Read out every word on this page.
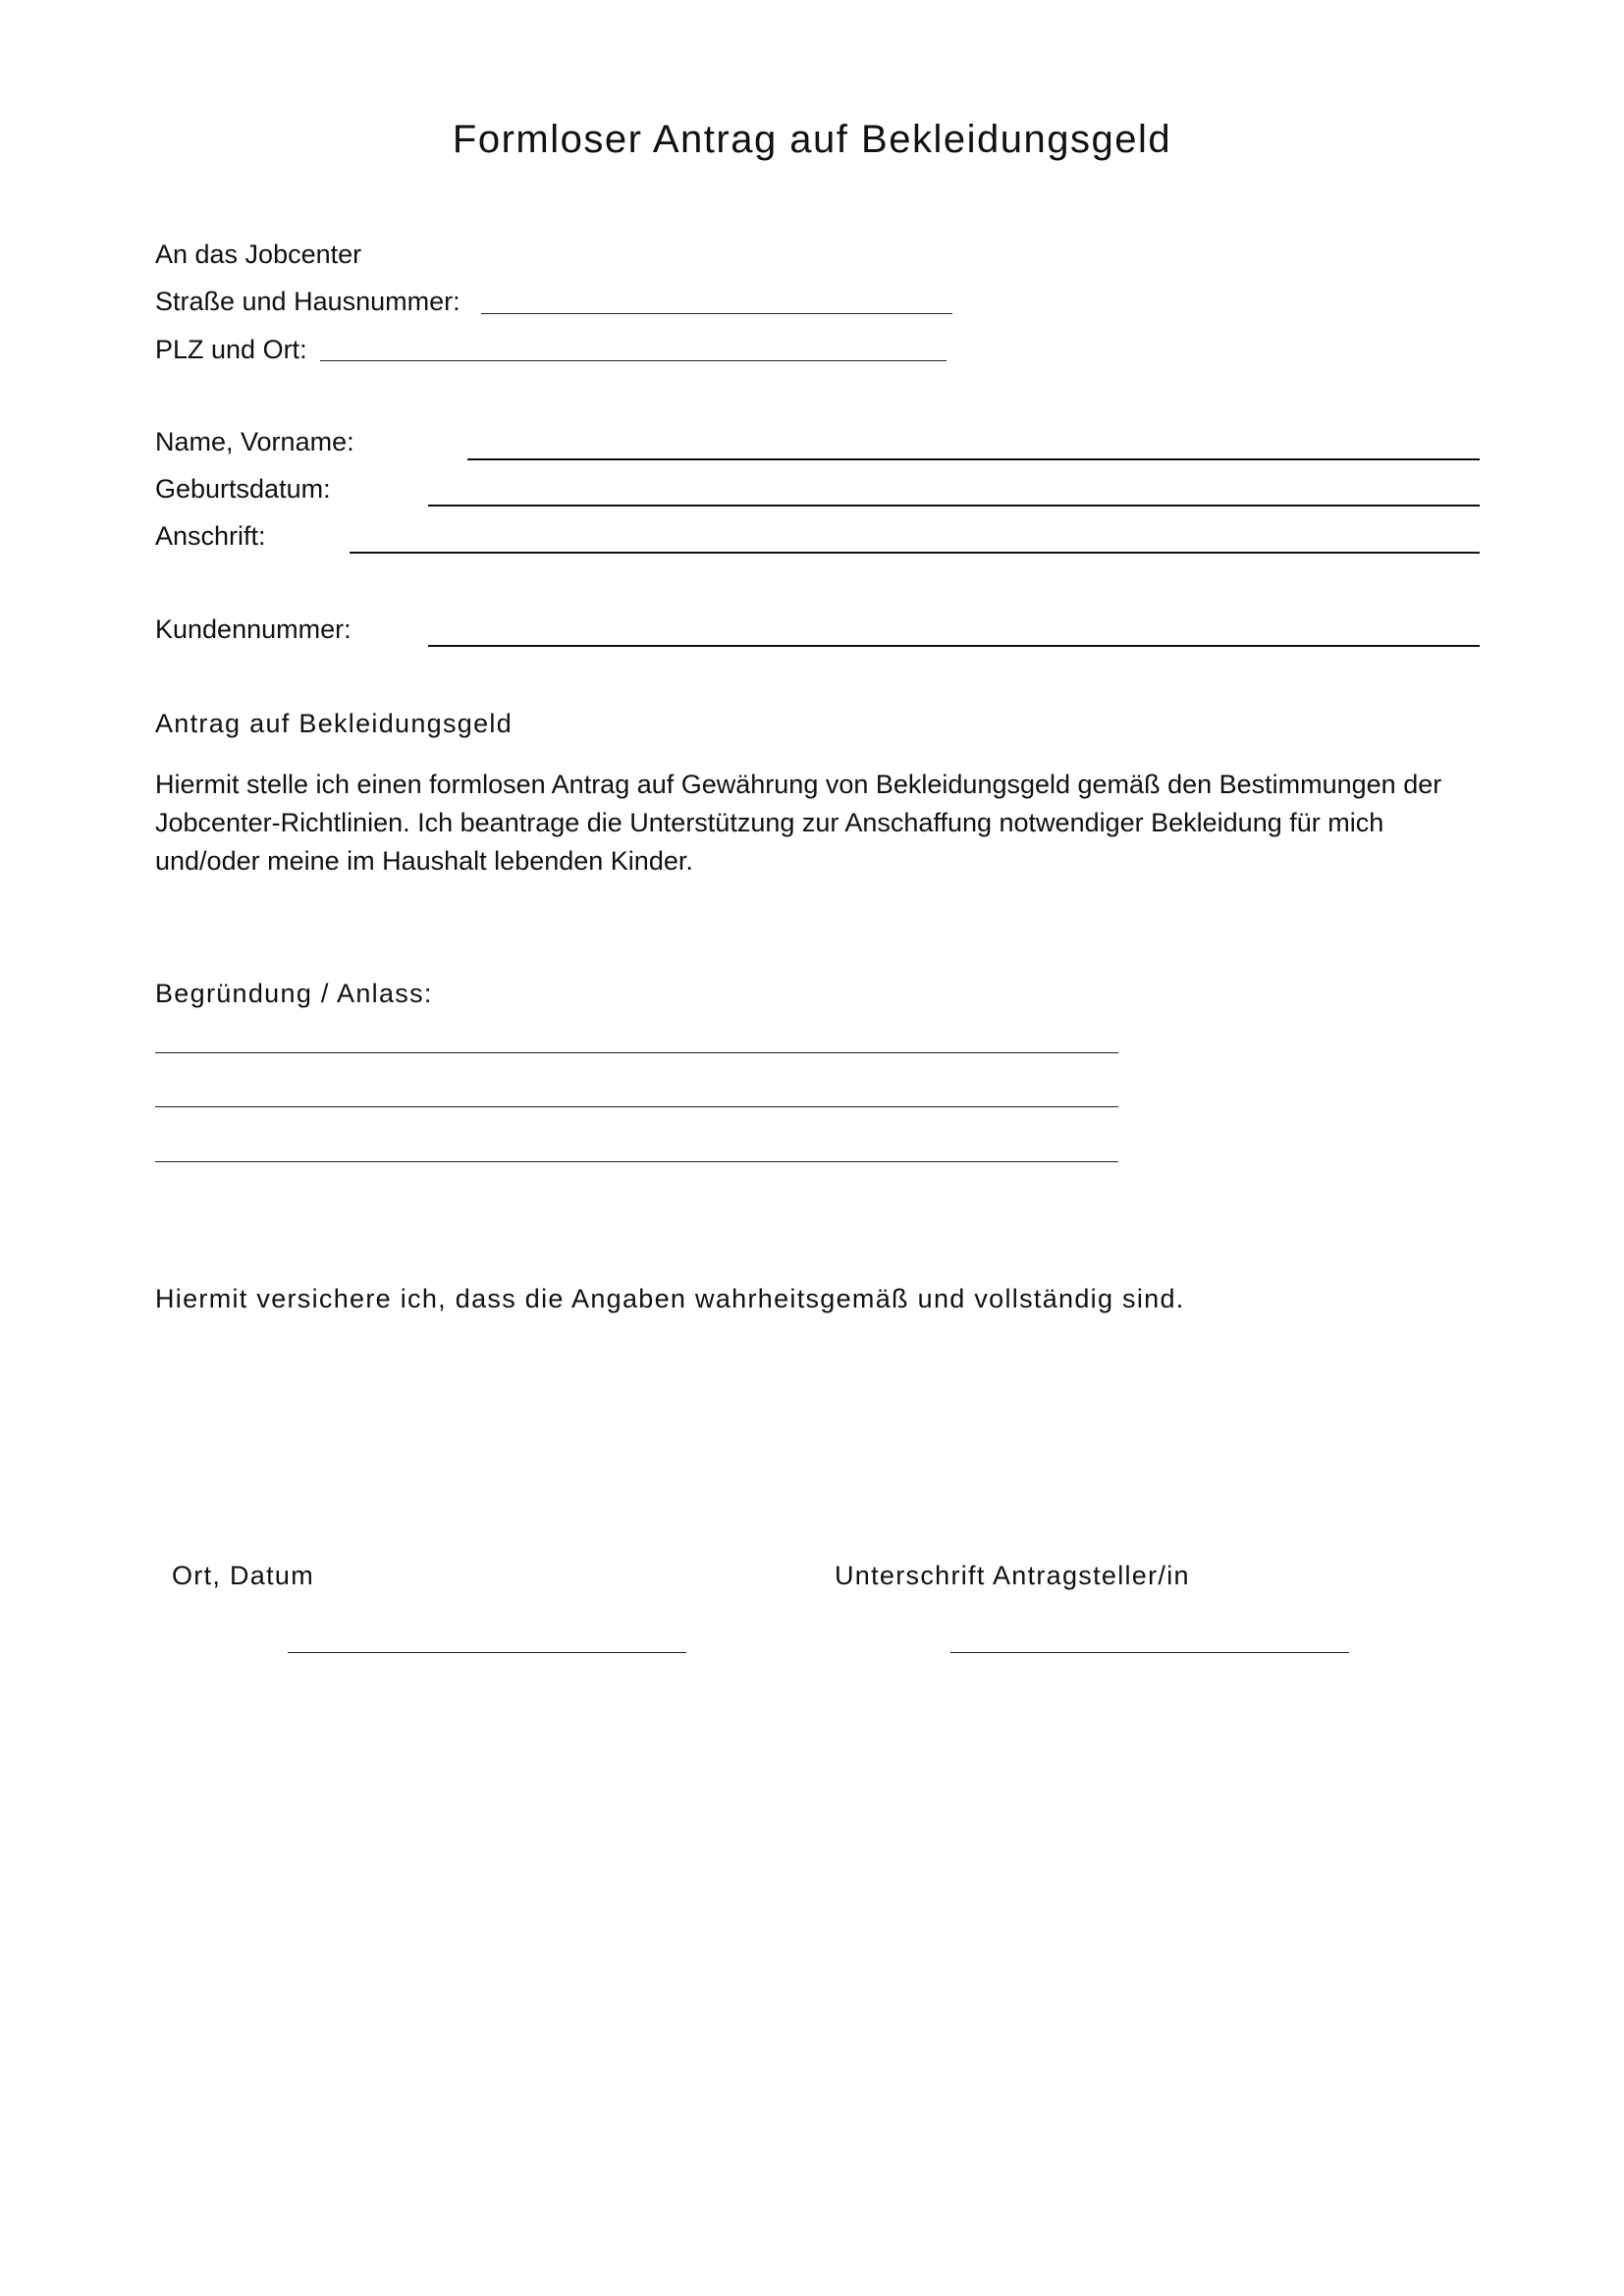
Formloser Antrag auf Bekleidungsgeld
An das Jobcenter
Straße und Hausnummer:
PLZ und Ort:
Name, Vorname:
Geburtsdatum:
Anschrift:
Kundennummer:
Antrag auf Bekleidungsgeld
Hiermit stelle ich einen formlosen Antrag auf Gewährung von Bekleidungsgeld gemäß den Bestimmungen der Jobcenter-Richtlinien. Ich beantrage die Unterstützung zur Anschaffung notwendiger Bekleidung für mich und/oder meine im Haushalt lebenden Kinder.
Begründung / Anlass:
Hiermit versichere ich, dass die Angaben wahrheitsgemäß und vollständig sind.
Ort, Datum	Unterschrift Antragsteller/in
